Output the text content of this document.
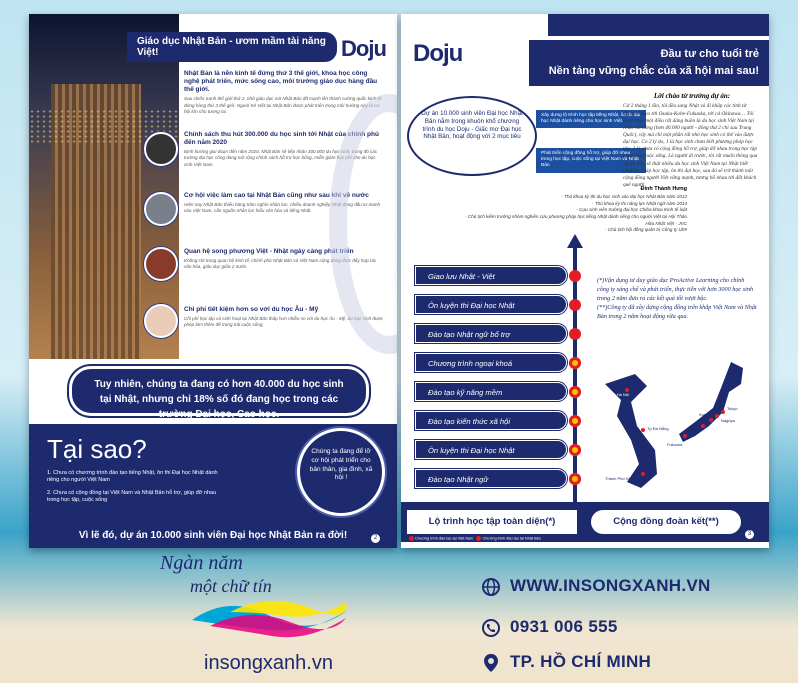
Giáo dục Nhật Bản - ươm mầm tài năng Việt!	Doju
Nhật Bản là nền kinh tế đứng thứ 3 thế giới, khoa học công nghệ phát triển, mức sống cao, môi trường giáo dục hàng đầu thế giới.

Sau chiến tranh thế giới thứ 2, nhờ giáo dục mà Nhật Bản đã mạnh lên thành cường quốc kinh tế đứng hàng thứ 3 thế giới. Người trẻ Việt tại Nhật Bản được phát triển trong môi trường này là cơ hội lớn cho tương lai.

Chính sách thu hút 300.000 du học sinh tới Nhật của chính phủ đến năm 2020

Định hướng giai đoạn đến năm 2020, Nhật Bản sẽ tiếp nhận 300.000 du học sinh, trong đó các trường đại học công đang mở rộng chính sách hỗ trợ học bổng, miễn giảm học phí cho du học sinh Việt Nam.

Cơ hội việc làm cao tại Nhật Bản cũng như sau khi về nước

Hiện nay Nhật Bản thiếu hàng trăm nghìn nhân lực, nhiều doanh nghiệp Nhật đang đầu tư mạnh vào Việt Nam, cần nguồn nhân lực hiểu văn hóa và tiếng Nhật.

Quan hệ song phương Việt - Nhật ngày càng phát triển

Không chỉ trong quan hệ kinh tế, chính phủ Nhật Bản và Việt Nam cũng đang thúc đẩy hợp tác văn hóa, giáo dục giữa 2 nước.

Chi phí tiết kiệm hơn so với du học Âu - Mỹ

Chi phí học tập và sinh hoạt tại Nhật Bản thấp hơn nhiều so với du học Âu - Mỹ, du học sinh được phép làm thêm để trang trải cuộc sống.

Tuy nhiên, chúng ta đang có hơn 40.000 du học sinh tại Nhật, nhưng chỉ 18% số đó đang học trong các trường Đại học, Cao học.
Tại sao?
1. Chưa có chương trình đào tạo tiếng Nhật, ôn thi Đại học Nhật dành riêng cho người Việt Nam
2. Chưa có cộng đồng tại Việt Nam và Nhật Bản hỗ trợ, giúp đỡ nhau trong học tập, cuộc sống
Chúng ta đang để lỡ cơ hội phát triển cho bản thân, gia đình, xã hội !
Vì lẽ đó, dự án 10.000 sinh viên Đại học Nhật Bản ra đời!	2
Doju	Đầu tư cho tuổi trẻ
Nền tảng vững chắc của xã hội mai sau!
Dự án 10.000 sinh viên Đại học Nhật Bản nằm trong khuôn khổ chương trình du học Doju - Giấc mơ Đại học Nhật Bản, hoạt động với 2 mục tiêu
Xây dựng lộ trình học tập tiếng Nhật, ôn thi đại học Nhật dành riêng cho học sinh Việt.
Phát triển cộng đồng hỗ trợ, giúp đỡ nhau trong học tập, cuộc sống tại Việt Nam và Nhật Bản
Đinh Thành Hưng
- Thủ khoa kỳ thi du học sinh vào đại học Nhật Bản năm 2012
- Thủ khoa kỳ thi năng lực Nhật ngữ năm 2014
- Cựu sinh viên trường đại học Chiba khoa Kinh tế luật
- Chủ tịch kiêm trưởng nhóm nghiên cứu phương pháp học tiếng Nhật dành riêng cho người Việt tại Hội Thảo Hữu Nhật Việt - JVC
- Chủ tịch hội đồng quản trị Công ty Uh9
Lời chào từ trưởng dự án:
Cứ 2 tháng 1 lần, tôi đều sang Nhật và đi khắp các tỉnh từ Chiba-Tokyo tới Osaka-Kobe-Fukuoka, tới cả Okinawa… Tôi nhận thấy một điều rất đáng buồn là du học sinh Việt Nam tại Nhật rất đông (hơn 40.000 người - đông thứ 2 chỉ sau Trung Quốc), vậy mà chỉ một phần rất nhỏ học sinh có thể vào được đại học. Có 2 lý do, 1 là học sinh chưa biết phương pháp học tập, 2 là chưa có cộng đồng hỗ trợ, giúp đỡ nhau trong học tập cũng như cuộc sống. Là người đi trước, tôi rất muốn thông qua dự án này, sẽ thật nhiều du học sinh Việt Nam tại Nhật biết phương pháp học tập, ôn thi đại học, sau đó sẽ trở thành một cộng đồng người Việt vững mạnh, tương hỗ nhau tới đất khách quê người.
Giao lưu Nhật - Việt
Ôn luyện thi Đại học Nhật
Đào tạo Nhật ngữ bổ trợ
Chương trình ngoại khoá
Đào tạo kỹ năng mềm
Đào tạo kiến thức xã hội
Ôn luyện thi Đại học Nhật
Đào tạo Nhật ngữ
(*)Vận dụng tư duy giáo dục ProActive Learning cho chính công ty sáng chế và phát triển, thực tiễn với hơn 3000 học sinh trong 2 năm đưa ra các kết quả tốt vượt bậc.
(**)Công ty đã xây dựng cộng đồng trên khắp Việt Nam và Nhật Bản trong 2 năm hoạt động vừa qua.
Tp Hà Nội
Tp Đà Nẵng
Thành Phố Hồ Chí Minh
Tokyo
Kyoto
Osaka
Nagoya
Fukuoka
Lộ trình học tập toàn diện(*)	Cộng đồng đoàn kết(**)
Chương trình đào tạo tại Việt Nam Chương trình đào tạo tại Nhật Bản
3
Ngàn năm
một chữ tín
insongxanh.vn
WWW.INSONGXANH.VN
0931 006 555
TP. HỒ CHÍ MINH
